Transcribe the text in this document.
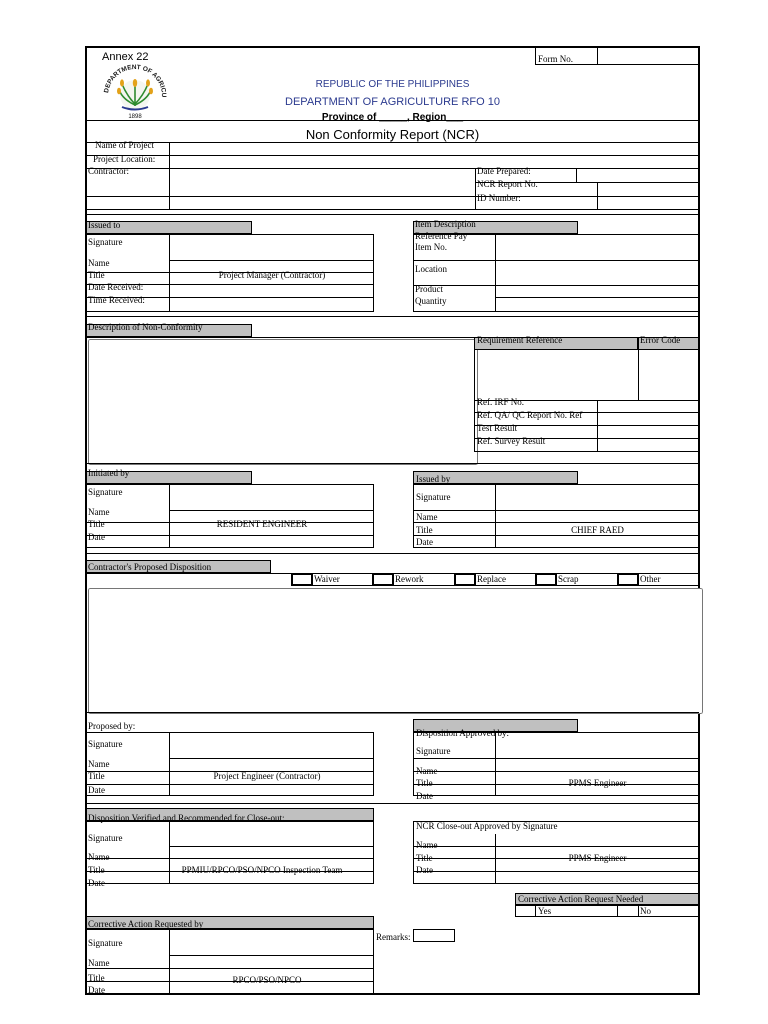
Annex 22	Form No.
DEPARTMENT OF AGRICU
1898
REPUBLIC OF THE PHILIPPINES
DEPARTMENT OF AGRICULTURE RFO 10
Province of _____, Region___
Non Conformity Report (NCR)
Name of Project
Project Location:
Contractor:	Date Prepared:
NCR Report No.
ID Number:
Issued to
Signature
Name
Title	Project Manager (Contractor)
Date Received:
Time Received:
Item Description
Reference Pay
Item No.
Location
Product
Quantity
Description of Non-Conformity
Requirement Reference	Error Code
Ref. IRF No.
Ref. QA/ QC Report No. Ref
Test Result
Ref. Survey Result
Initiated by
Signature
Name
Title	RESIDENT ENGINEER
Date
Issued by
Signature
Name
Title	CHIEF RAED
Date
Contractor's Proposed Disposition
Waiver	Rework	Replace	Scrap	Other
Proposed by:
Signature
Name
Title	Project Engineer (Contractor)
Date
Disposition Approved by:
Signature
Name
Title	PPMS Engineer
Date
Disposition Verified and Recommended for Close-out:
Signature
Name
Title	PPMIU/RPCO/PSO/NPCO Inspection Team
Date
NCR Close-out Approved by Signature
Name
Title	PPMS Engineer
Date
Corrective Action Request Needed
Yes	No
Corrective Action Requested by
Signature
Name
Title	RPCO/PSO/NPCO
Date
Remarks:
